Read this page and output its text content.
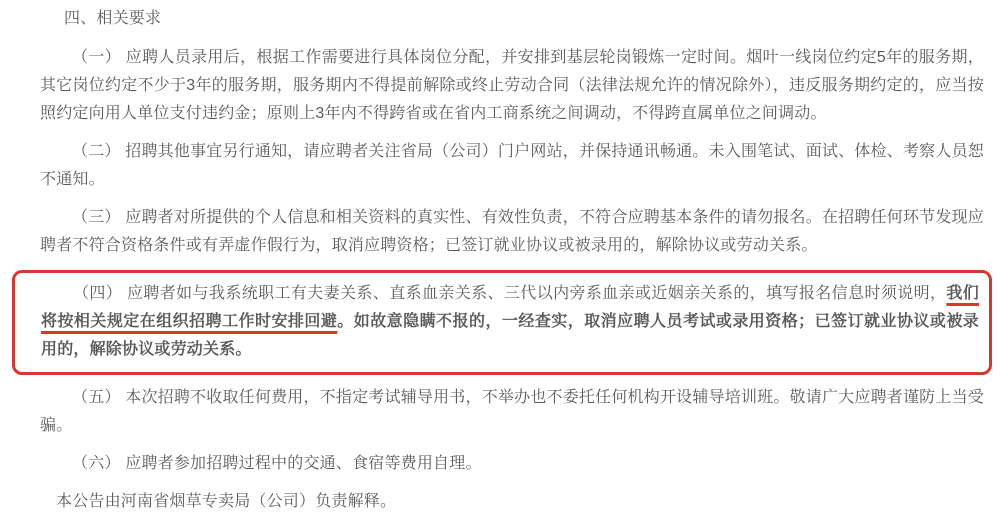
四、相关要求

（一） 应聘人员录用后，根据工作需要进行具体岗位分配，并安排到基层轮岗锻炼一定时间。烟叶一线岗位约定5年的服务期，其它岗位约定不少于3年的服务期，服务期内不得提前解除或终止劳动合同（法律法规允许的情况除外），违反服务期约定的，应当按照约定向用人单位支付违约金；原则上3年内不得跨省或在省内工商系统之间调动，不得跨直属单位之间调动。

（二） 招聘其他事宜另行通知，请应聘者关注省局（公司）门户网站，并保持通讯畅通。未入围笔试、面试、体检、考察人员恕不通知。

（三） 应聘者对所提供的个人信息和相关资料的真实性、有效性负责，不符合应聘基本条件的请勿报名。在招聘任何环节发现应聘者不符合资格条件或有弄虚作假行为，取消应聘资格；已签订就业协议或被录用的，解除协议或劳动关系。

（四） 应聘者如与我系统职工有夫妻关系、直系血亲关系、三代以内旁系血亲或近姻亲关系的，填写报名信息时须说明，我们将按相关规定在组织招聘工作时安排回避。如故意隐瞒不报的，一经查实，取消应聘人员考试或录用资格；已签订就业协议或被录用的，解除协议或劳动关系。

（五） 本次招聘不收取任何费用，不指定考试辅导用书，不举办也不委托任何机构开设辅导培训班。敬请广大应聘者谨防上当受骗。

（六） 应聘者参加招聘过程中的交通、食宿等费用自理。

本公告由河南省烟草专卖局（公司）负责解释。
